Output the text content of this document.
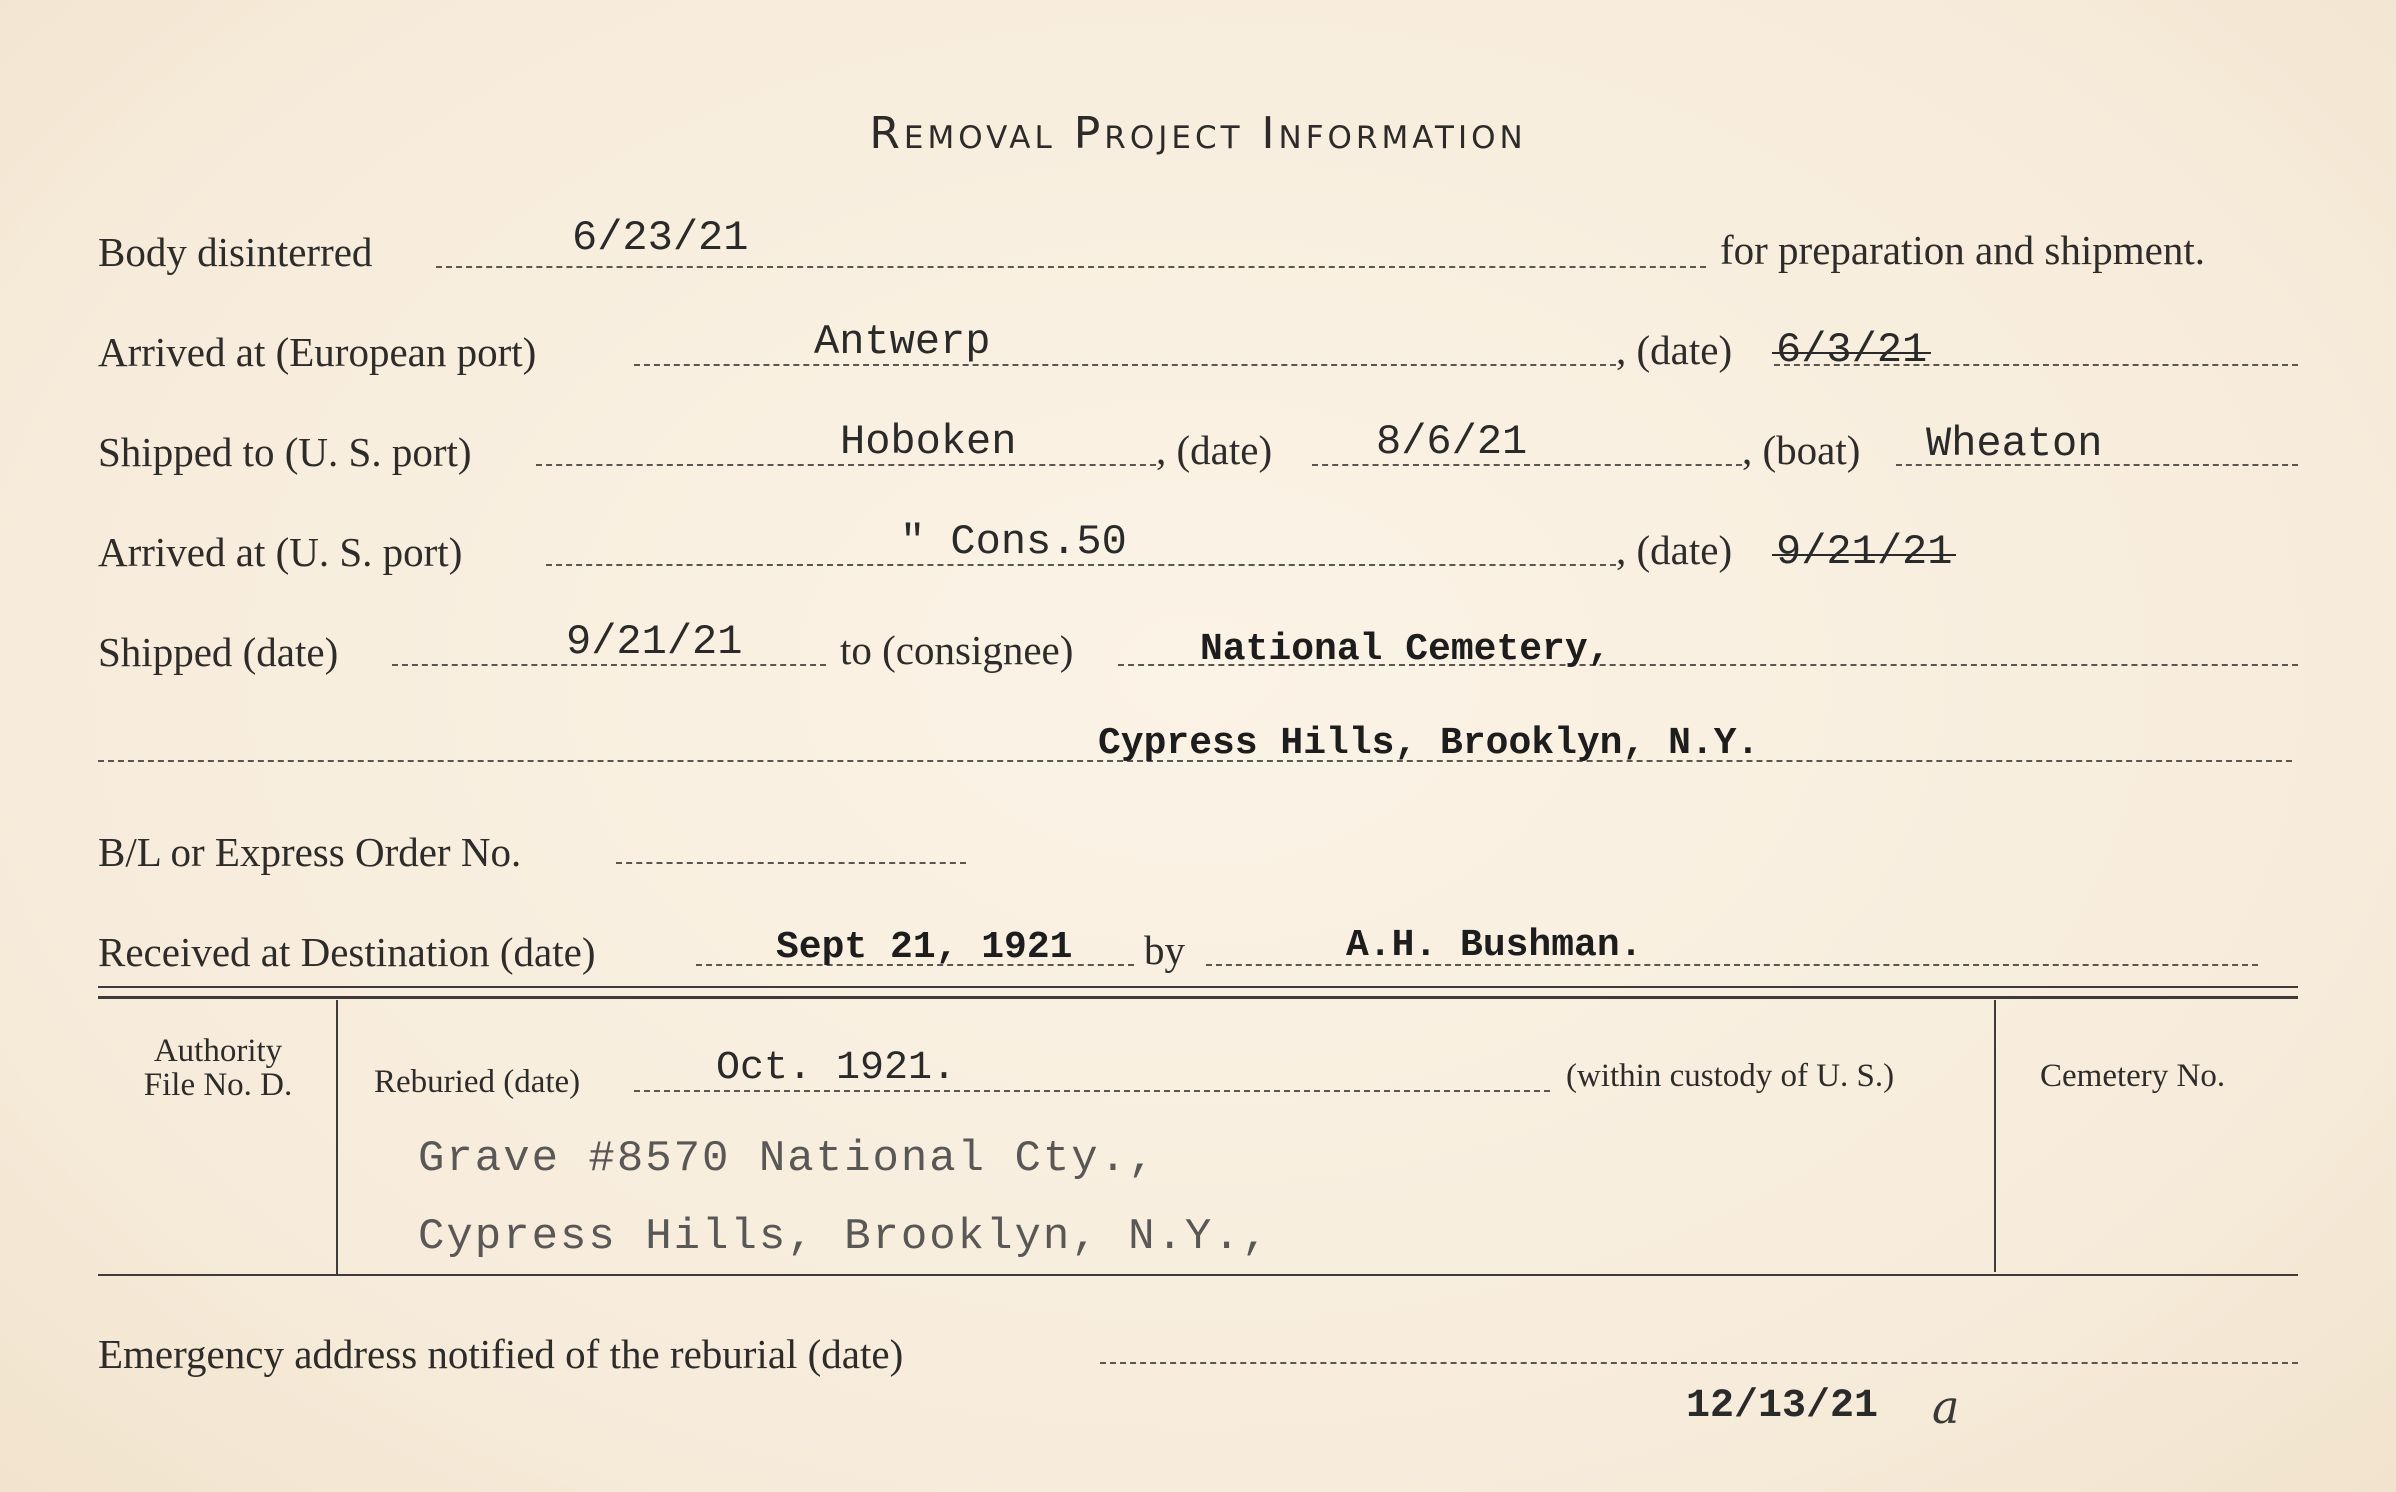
Removal Project Information
Body disinterred	6/23/21	for preparation and shipment.
Arrived at (European port)	Antwerp	, (date) 6/3/21
Shipped to (U. S. port)	Hoboken	, (date) 8/6/21	, (boat) Wheaton
Arrived at (U. S. port)	" Cons.50	, (date) 9/21/21
Shipped (date)	9/21/21 to (consignee)	National Cemetery,
Cypress Hills, Brooklyn, N.Y.
B/L or Express Order No.
Received at Destination (date)	Sept 21, 1921 by	A.H. Bushman.
Authority
File No. D.	Reburied (date)	Oct. 1921.	(within custody of U. S.)	Cemetery No.
Grave #8570 National Cty.,
Cypress Hills, Brooklyn, N.Y.,
Emergency address notified of the reburial (date)
12/13/21 a
